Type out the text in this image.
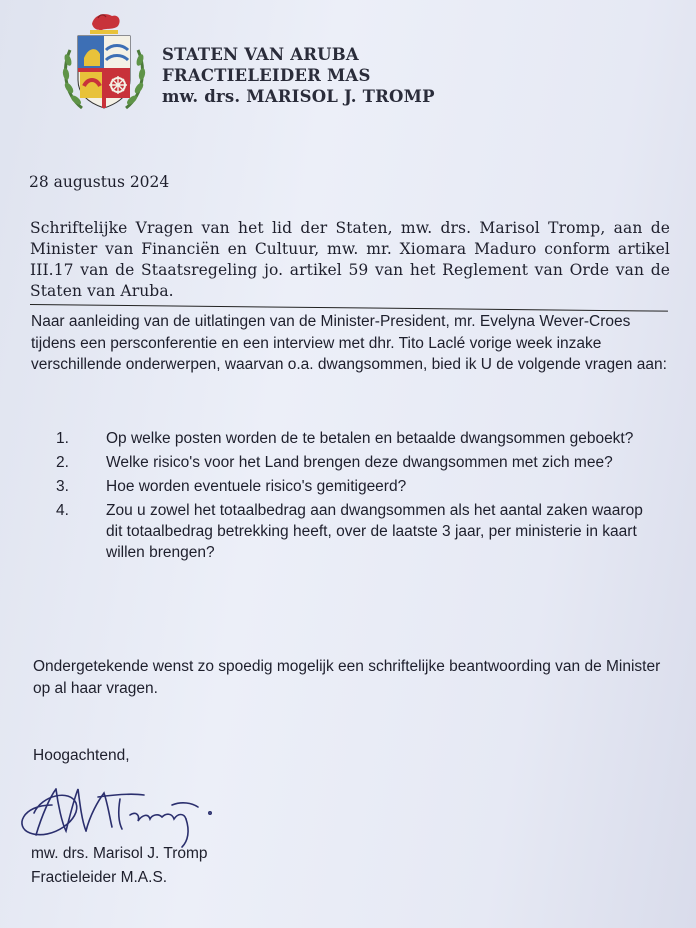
STATEN VAN ARUBA
FRACTIELEIDER MAS
mw. drs. MARISOL J. TROMP
28 augustus 2024
Schriftelijke Vragen van het lid der Staten, mw. drs. Marisol Tromp, aan de Minister van Financiën en Cultuur, mw. mr. Xiomara Maduro conform artikel III.17 van de Staatsregeling jo. artikel 59 van het Reglement van Orde van de Staten van Aruba.
Naar aanleiding van de uitlatingen van de Minister-President, mr. Evelyna Wever-Croes tijdens een persconferentie en een interview met dhr. Tito Laclé vorige week inzake verschillende onderwerpen, waarvan o.a. dwangsommen, bied ik U de volgende vragen aan:
1.	Op welke posten worden de te betalen en betaalde dwangsommen geboekt?
2.	Welke risico's voor het Land brengen deze dwangsommen met zich mee?
3.	Hoe worden eventuele risico's gemitigeerd?
4.	Zou u zowel het totaalbedrag aan dwangsommen als het aantal zaken waarop dit totaalbedrag betrekking heeft, over de laatste 3 jaar, per ministerie in kaart willen brengen?
Ondergetekende wenst zo spoedig mogelijk een schriftelijke beantwoording van de Minister op al haar vragen.
Hoogachtend,
mw. drs. Marisol J. Tromp
Fractieleider M.A.S.
